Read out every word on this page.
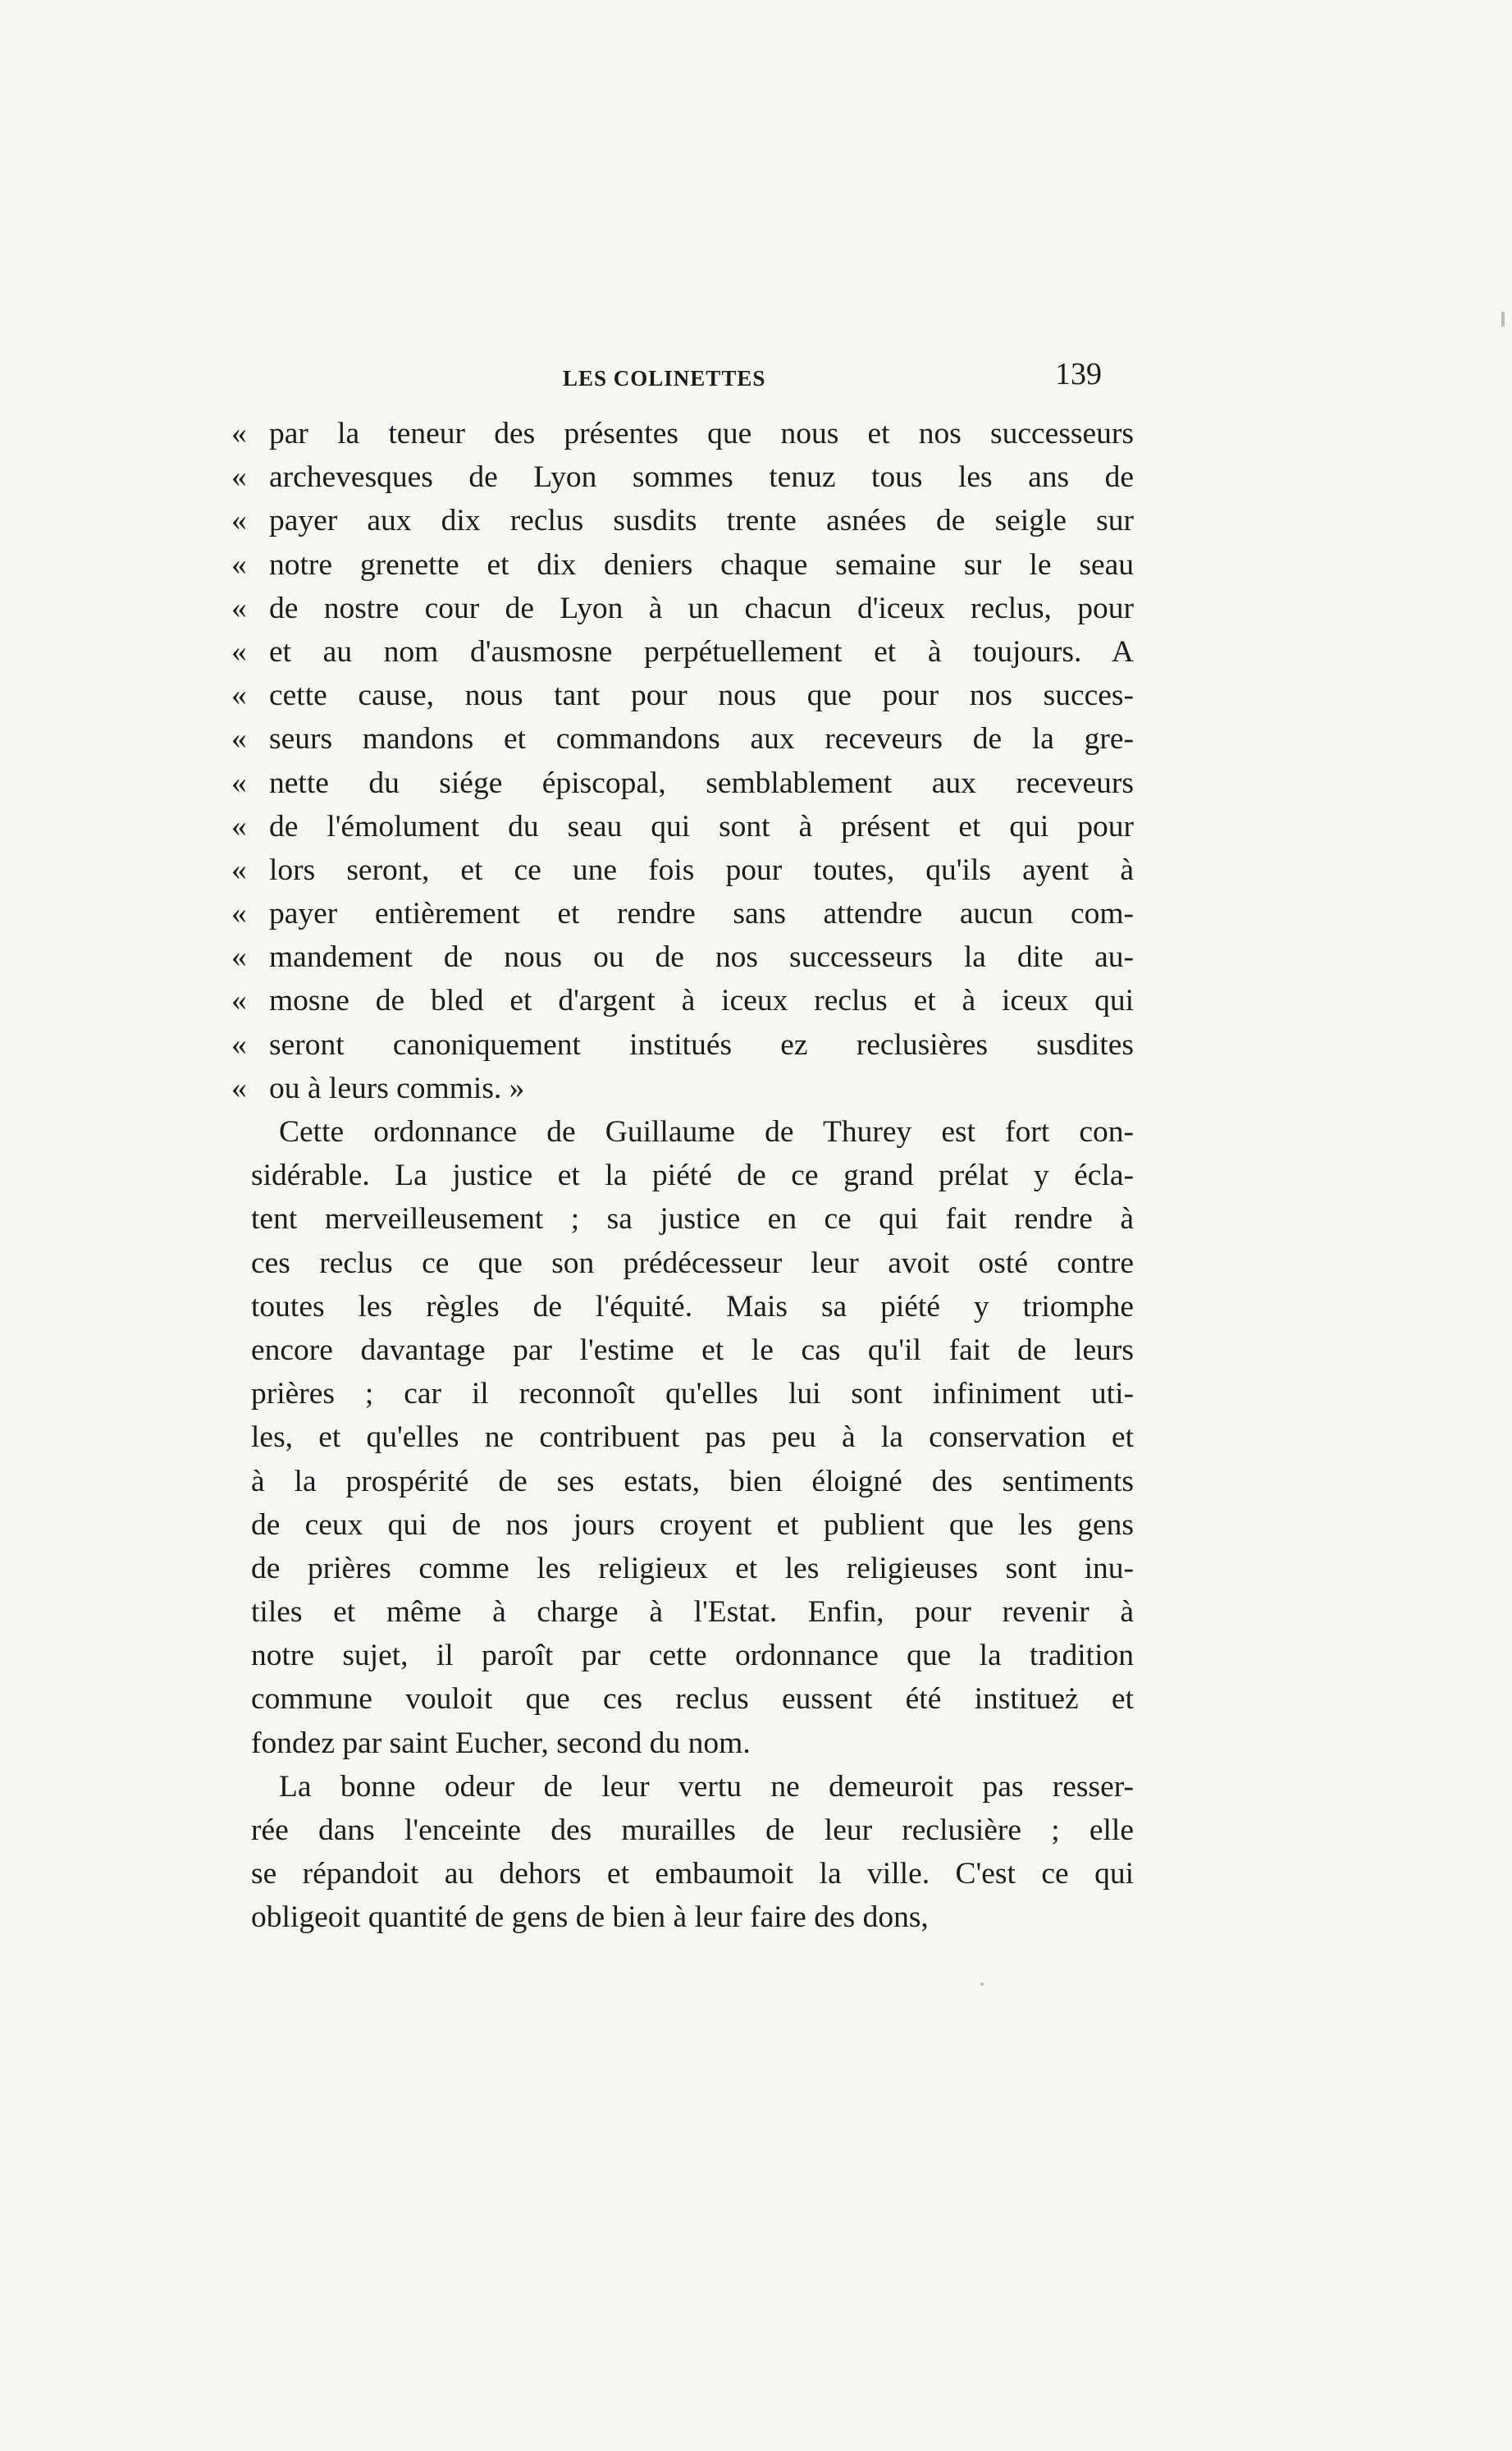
LES COLINETTES	139
« par la teneur des présentes que nous et nos successeurs
« archevesques de Lyon sommes tenuz tous les ans de
« payer aux dix reclus susdits trente asnées de seigle sur
« notre grenette et dix deniers chaque semaine sur le seau
« de nostre cour de Lyon à un chacun d'iceux reclus, pour
« et au nom d'ausmosne perpétuellement et à toujours. A
« cette cause, nous tant pour nous que pour nos succes-
« seurs mandons et commandons aux receveurs de la gre-
« nette du siége épiscopal, semblablement aux receveurs
« de l'émolument du seau qui sont à présent et qui pour
« lors seront, et ce une fois pour toutes, qu'ils ayent à
« payer entièrement et rendre sans attendre aucun com-
« mandement de nous ou de nos successeurs la dite au-
« mosne de bled et d'argent à iceux reclus et à iceux qui
« seront canoniquement institués ez reclusières susdites
« ou à leurs commis. »
Cette ordonnance de Guillaume de Thurey est fort con-
sidérable. La justice et la piété de ce grand prélat y écla-
tent merveilleusement ; sa justice en ce qui fait rendre à
ces reclus ce que son prédécesseur leur avoit osté contre
toutes les règles de l'équité. Mais sa piété y triomphe
encore davantage par l'estime et le cas qu'il fait de leurs
prières ; car il reconnoît qu'elles lui sont infiniment uti-
les, et qu'elles ne contribuent pas peu à la conservation et
à la prospérité de ses estats, bien éloigné des sentiments
de ceux qui de nos jours croyent et publient que les gens
de prières comme les religieux et les religieuses sont inu-
tiles et même à charge à l'Estat. Enfin, pour revenir à
notre sujet, il paroît par cette ordonnance que la tradition
commune vouloit que ces reclus eussent été institueż et
fondez par saint Eucher, second du nom.
La bonne odeur de leur vertu ne demeuroit pas resser-
rée dans l'enceinte des murailles de leur reclusière ; elle
se répandoit au dehors et embaumoit la ville. C'est ce qui
obligeoit quantité de gens de bien à leur faire des dons,
